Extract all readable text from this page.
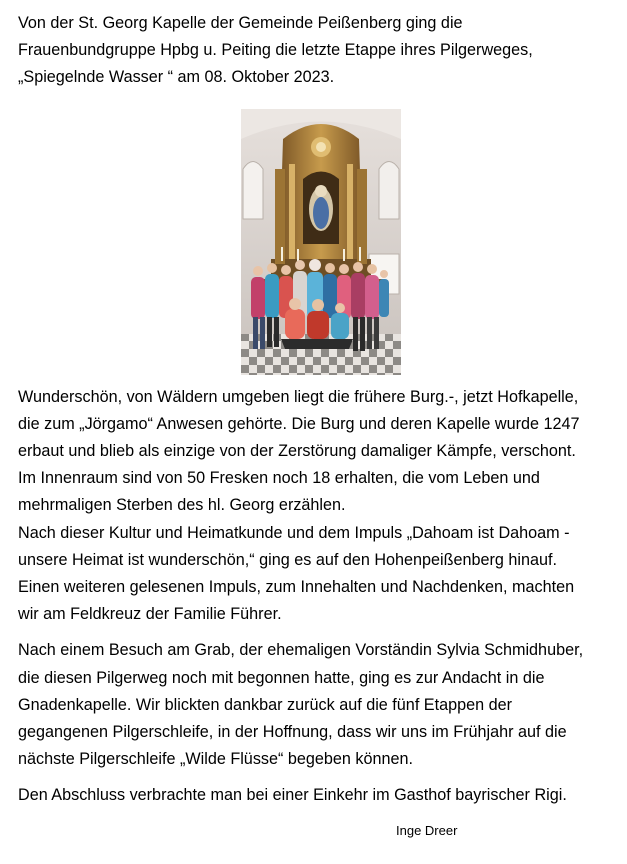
Von der St. Georg Kapelle der Gemeinde Peißenberg ging die
Frauenbundgruppe Hpbg u. Peiting die letzte Etappe ihres Pilgerweges,
„Spiegelnde Wasser “ am 08. Oktober 2023.

Wunderschön, von Wäldern umgeben liegt die frühere Burg.-, jetzt Hofkapelle,
die zum „Jörgamo“ Anwesen gehörte. Die Burg und deren Kapelle wurde 1247
erbaut und blieb als einzige von der Zerstörung damaliger Kämpfe, verschont.
Im Innenraum sind von 50 Fresken noch 18 erhalten, die vom Leben und
mehrmaligen Sterben des hl. Georg erzählen.
Nach dieser Kultur und Heimatkunde und dem Impuls „Dahoam ist Dahoam -
unsere Heimat ist wunderschön,“ ging es auf den Hohenpeißenberg hinauf.
Einen weiteren gelesenen Impuls, zum Innehalten und Nachdenken, machten
wir am Feldkreuz der Familie Führer.

Nach einem Besuch am Grab, der ehemaligen Vorständin Sylvia Schmidhuber,
die diesen Pilgerweg noch mit begonnen hatte, ging es zur Andacht in die
Gnadenkapelle. Wir blickten dankbar zurück auf die fünf Etappen der
gegangenen Pilgerschleife, in der Hoffnung, dass wir uns im Frühjahr auf die
nächste Pilgerschleife „Wilde Flüsse“ begeben können.

Den Abschluss verbrachte man bei einer Einkehr im Gasthof bayrischer Rigi.

Inge Dreer
